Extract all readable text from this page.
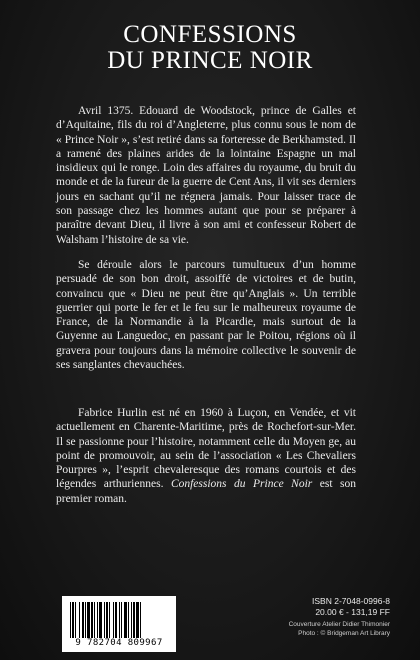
CONFESSIONS
DU PRINCE NOIR

Avril 1375. Edouard de Woodstock, prince de Galles et d’Aquitaine, fils du roi d’Angleterre, plus connu sous le nom de « Prince Noir », s’est retiré dans sa forteresse de Berkhamsted. Il a ramené des plaines arides de la lointaine Espagne un mal insidieux qui le ronge. Loin des affaires du royaume, du bruit du monde et de la fureur de la guerre de Cent Ans, il vit ses derniers jours en sachant qu’il ne régnera jamais. Pour laisser trace de son passage chez les hommes autant que pour se préparer à paraître devant Dieu, il livre à son ami et confesseur Robert de Walsham l’histoire de sa vie.

Se déroule alors le parcours tumultueux d’un homme persuadé de son bon droit, assoiffé de victoires et de butin, convaincu que « Dieu ne peut être qu’Anglais ». Un terrible guerrier qui porte le fer et le feu sur le malheureux royaume de France, de la Normandie à la Picardie, mais surtout de la Guyenne au Languedoc, en passant par le Poitou, régions où il gravera pour toujours dans la mémoire collective le souvenir de ses sanglantes chevauchées.

Fabrice Hurlin est né en 1960 à Luçon, en Vendée, et vit actuellement en Charente-Maritime, près de Rochefort-sur-Mer. Il se passionne pour l’histoire, notamment celle du Moyen ge, au point de promouvoir, au sein de l’association « Les Chevaliers Pourpres », l’esprit chevaleresque des romans courtois et des légendes arthuriennes. Confessions du Prince Noir est son premier roman.

9 782704 809967
ISBN 2-7048-0996-8
20.00 € - 131,19 FF
Couverture Atelier Didier Thimonier
Photo : © Bridgeman Art Library
